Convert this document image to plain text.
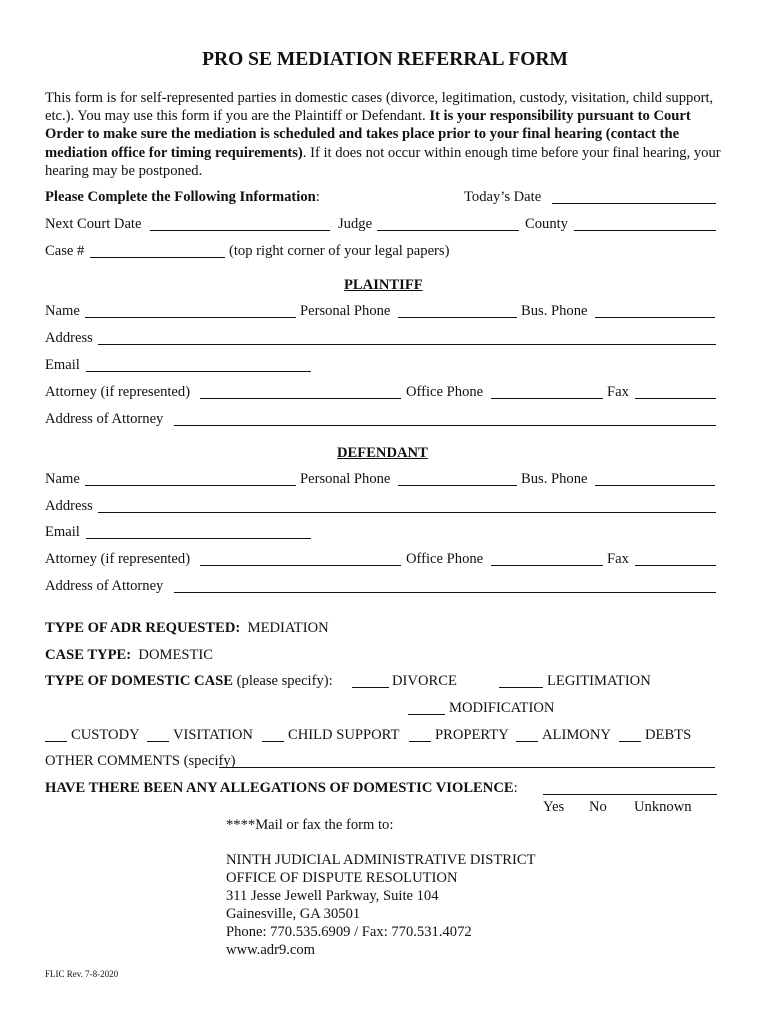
PRO SE MEDIATION REFERRAL FORM
This form is for self-represented parties in domestic cases (divorce, legitimation, custody, visitation, child support, etc.). You may use this form if you are the Plaintiff or Defendant. It is your responsibility pursuant to Court Order to make sure the mediation is scheduled and takes place prior to your final hearing (contact the mediation office for timing requirements). If it does not occur within enough time before your final hearing, your hearing may be postponed.
Please Complete the Following Information:	Today’s Date
Next Court Date	Judge	County
Case #	(top right corner of your legal papers)
PLAINTIFF
Name	Personal Phone	Bus. Phone
Address
Email
Attorney (if represented)	Office Phone	Fax
Address of Attorney
DEFENDANT
Name	Personal Phone	Bus. Phone
Address
Email
Attorney (if represented)	Office Phone	Fax
Address of Attorney
TYPE OF ADR REQUESTED: MEDIATION
CASE TYPE: DOMESTIC
TYPE OF DOMESTIC CASE (please specify):	DIVORCE	LEGITIMATION
MODIFICATION
CUSTODY VISITATION CHILD SUPPORT PROPERTY ALIMONY DEBTS
OTHER COMMENTS (specify)
HAVE THERE BEEN ANY ALLEGATIONS OF DOMESTIC VIOLENCE:
Yes No Unknown
****Mail or fax the form to:
NINTH JUDICIAL ADMINISTRATIVE DISTRICT
OFFICE OF DISPUTE RESOLUTION
311 Jesse Jewell Parkway, Suite 104
Gainesville, GA 30501
Phone: 770.535.6909 / Fax: 770.531.4072
www.adr9.com
FLIC Rev. 7-8-2020
